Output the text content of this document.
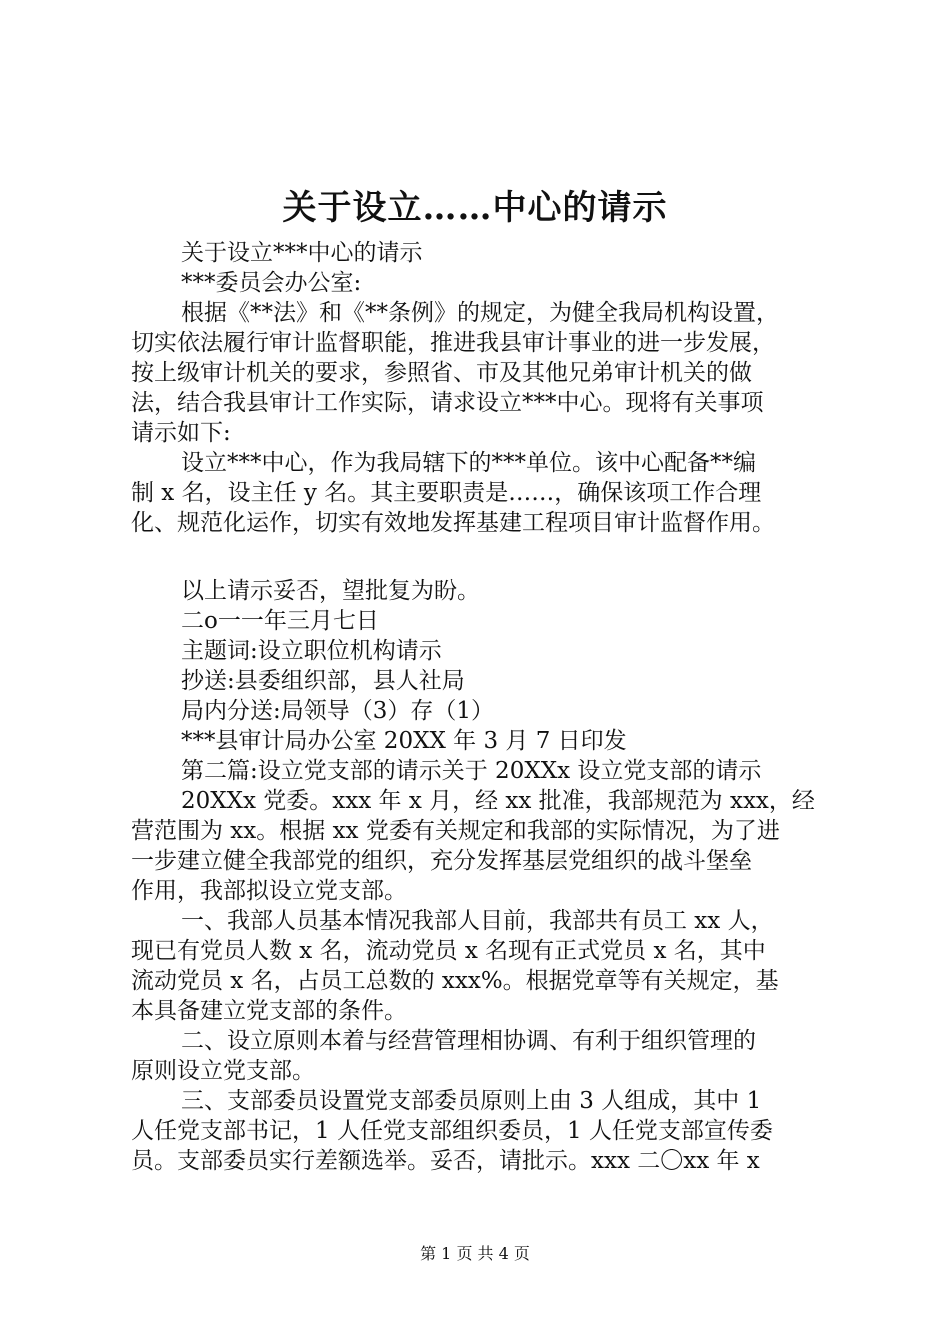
关于设立……中心的请示

关于设立***中心的请示

***委员会办公室:

根据《**法》和《**条例》的规定，为健全我局机构设置，

切实依法履行审计监督职能，推进我县审计事业的进一步发展，

按上级审计机关的要求，参照省、市及其他兄弟审计机关的做

法，结合我县审计工作实际，请求设立***中心。现将有关事项

请示如下:

设立***中心，作为我局辖下的***单位。该中心配备**编

制 x 名，设主任 y 名。其主要职责是……，确保该项工作合理

化、规范化运作，切实有效地发挥基建工程项目审计监督作用。

以上请示妥否，望批复为盼。

二o一一年三月七日

主题词:设立职位机构请示

抄送:县委组织部，县人社局

局内分送:局领导（3）存（1）

***县审计局办公室 20XX 年 3 月 7 日印发

第二篇:设立党支部的请示关于 20XXx 设立党支部的请示

20XXx 党委。xxx 年 x 月，经 xx 批准，我部规范为 xxx，经

营范围为 xx。根据 xx 党委有关规定和我部的实际情况，为了进

一步建立健全我部党的组织，充分发挥基层党组织的战斗堡垒

作用，我部拟设立党支部。

一、我部人员基本情况我部人目前，我部共有员工 xx 人，

现已有党员人数 x 名，流动党员 x 名现有正式党员 x 名，其中

流动党员 x 名，占员工总数的 xxx%。根据党章等有关规定，基

本具备建立党支部的条件。

二、设立原则本着与经营管理相协调、有利于组织管理的

原则设立党支部。

三、支部委员设置党支部委员原则上由 3 人组成，其中 1

人任党支部书记，1 人任党支部组织委员，1 人任党支部宣传委

员。支部委员实行差额选举。妥否，请批示。xxx 二〇xx 年 x

第 1 页 共 4 页
